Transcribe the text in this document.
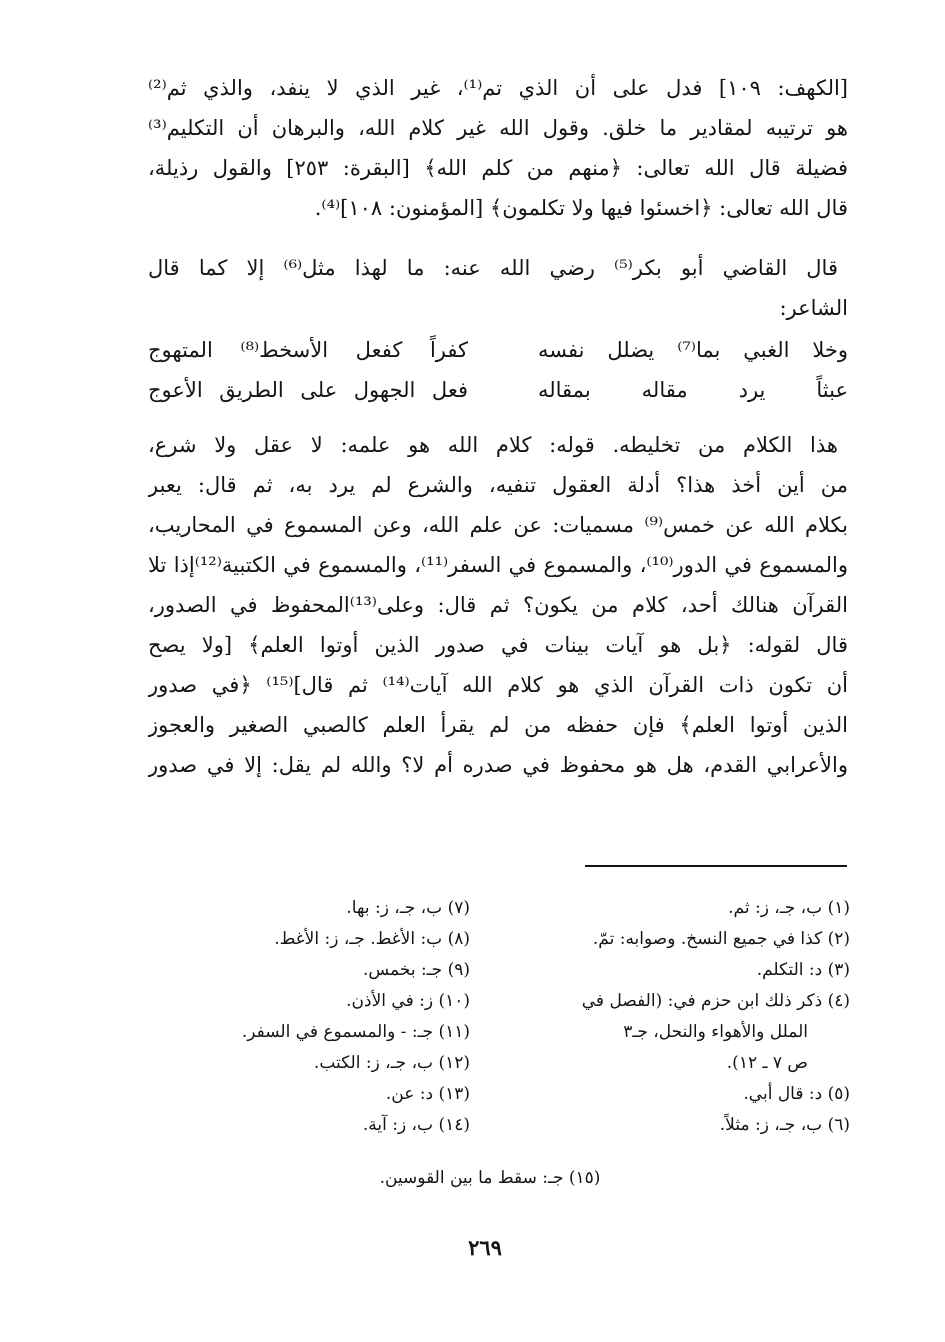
[الكهف: ١٠٩] فدل على أن الذي تم⁽¹⁾، غير الذي لا ينفد، والذي ثم⁽²⁾
هو ترتيبه لمقادير ما خلق. وقول الله غير كلام الله، والبرهان أن التكليم⁽³⁾
فضيلة قال الله تعالى: ﴿منهم من كلم الله﴾ [البقرة: ٢٥٣] والقول رذيلة،
قال الله تعالى: ﴿اخسئوا فيها ولا تكلمون﴾ [المؤمنون: ١٠٨]⁽⁴⁾.
قال القاضي أبو بكر⁽⁵⁾ رضي الله عنه: ما لهذا مثل⁽⁶⁾ إلا كما قال
الشاعر:
وخلا الغبي بما⁽⁷⁾ يضلل نفسه
كفراً كفعل الأسخط⁽⁸⁾ المتهوج
عبثاً يرد مقاله بمقاله
فعل الجهول على الطريق الأعوج
هذا الكلام من تخليطه. قوله: كلام الله هو علمه: لا عقل ولا شرع،
من أين أخذ هذا؟ أدلة العقول تنفيه، والشرع لم يرد به، ثم قال: يعبر
بكلام الله عن خمس⁽⁹⁾ مسميات: عن علم الله، وعن المسموع في المحاريب،
والمسموع في الدور⁽¹⁰⁾، والمسموع في السفر⁽¹¹⁾، والمسموع في الكتبية⁽¹²⁾إذا تلا
القرآن هنالك أحد، كلام من يكون؟ ثم قال: وعلى⁽¹³⁾المحفوظ في الصدور،
قال لقوله: ﴿بل هو آيات بينات في صدور الذين أوتوا العلم﴾ [ولا يصح
أن تكون ذات القرآن الذي هو كلام الله آيات⁽¹⁴⁾ ثم قال]⁽¹⁵⁾ ﴿في صدور
الذين أوتوا العلم﴾ فإن حفظه من لم يقرأ العلم كالصبي الصغير والعجوز
والأعرابي القدم، هل هو محفوظ في صدره أم لا؟ والله لم يقل: إلا في صدور
(١) ب، جـ، ز: ثم.
(٢) كذا في جميع النسخ. وصوابه: تمّ.
(٣) د: التكلم.
(٤) ذكر ذلك ابن حزم في: (الفصل في
الملل والأهواء والنحل، جـ٣
ص ٧ ـ ١٢).
(٥) د: قال أبي.
(٦) ب، جـ، ز: مثلاً.
(٧) ب، جـ، ز: بها.
(٨) ب: الأغط. جـ، ز: الأغط.
(٩) جـ: بخمس.
(١٠) ز: في الأذن.
(١١) جـ: - والمسموع في السفر.
(١٢) ب، جـ، ز: الكتب.
(١٣) د: عن.
(١٤) ب، ز: آية.
(١٥) جـ: سقط ما بين القوسين.
٢٦٩
